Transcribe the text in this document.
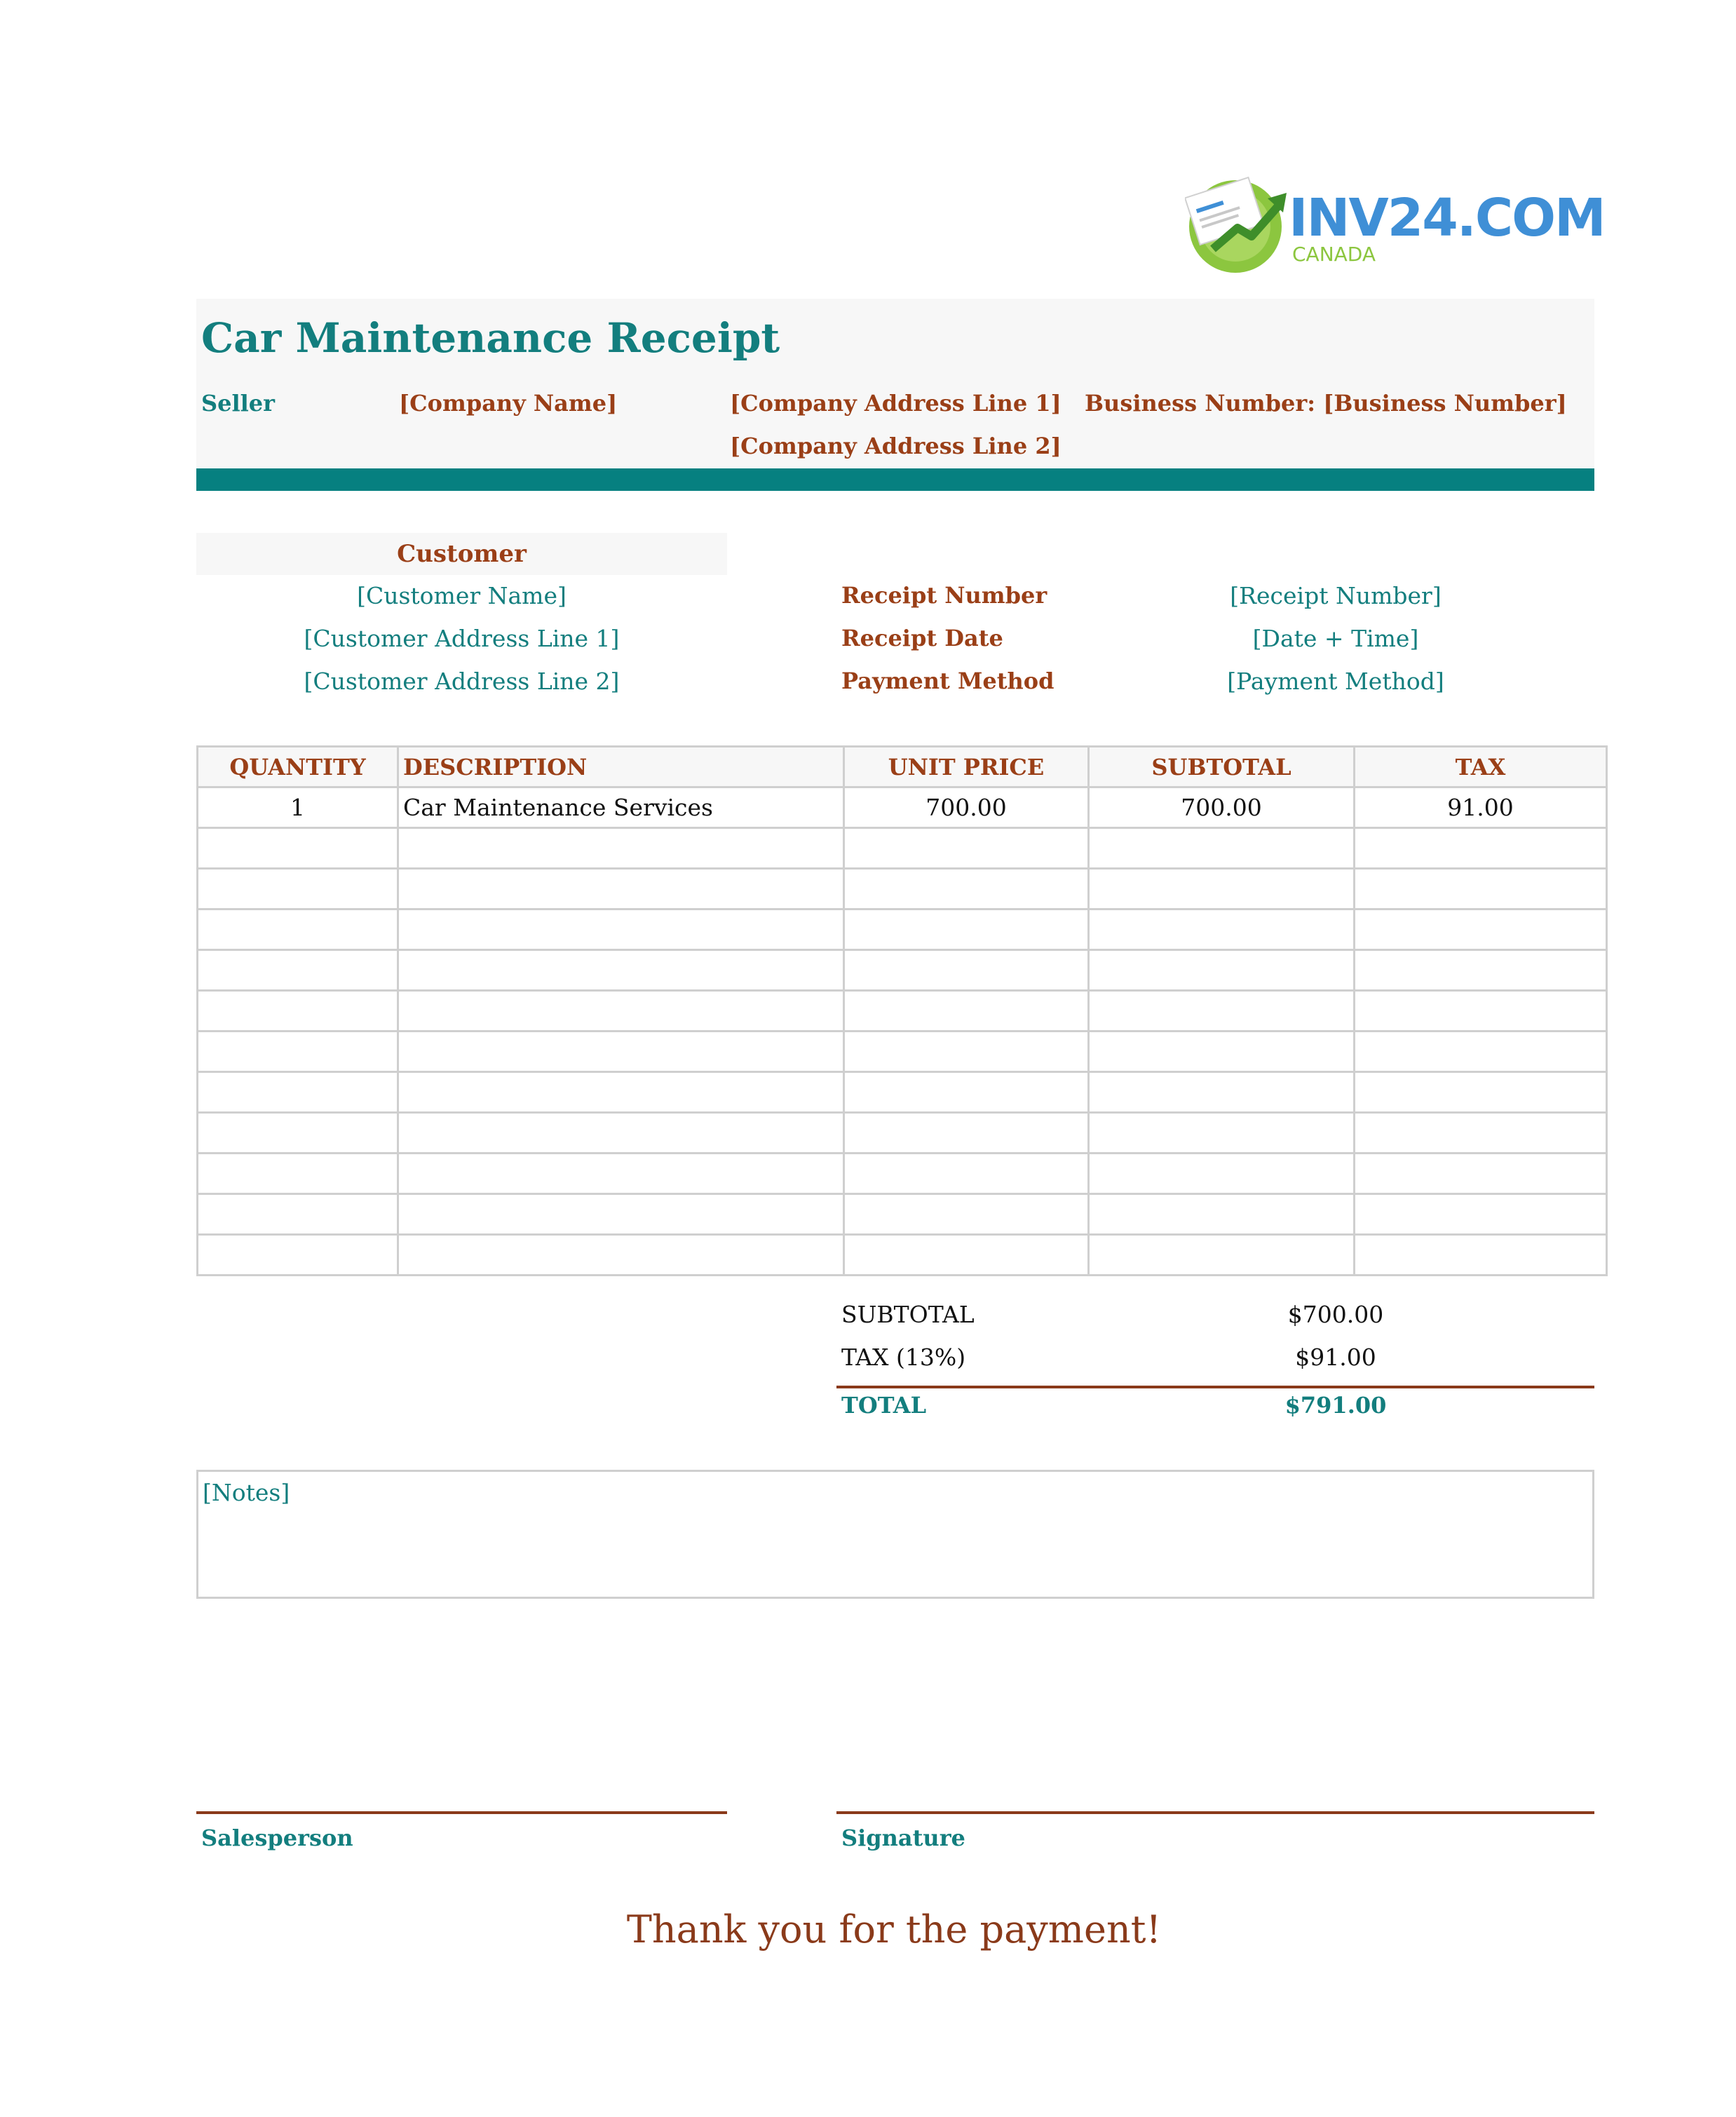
INV24.COM
CANADA
Car Maintenance Receipt
Seller	[Company Name]	[Company Address Line 1]
[Company Address Line 2]
Business Number: [Business Number]
Customer
[Customer Name]
[Customer Address Line 1]
[Customer Address Line 2]
Receipt Number	[Receipt Number]
Receipt Date	[Date + Time]
Payment Method	[Payment Method]
QUANTITY	DESCRIPTION	UNIT PRICE	SUBTOTAL	TAX
1	Car Maintenance Services	700.00	700.00	91.00

SUBTOTAL	$700.00
TAX (13%)	$91.00
TOTAL	$791.00
[Notes]
Salesperson	Signature
Thank you for the payment!
